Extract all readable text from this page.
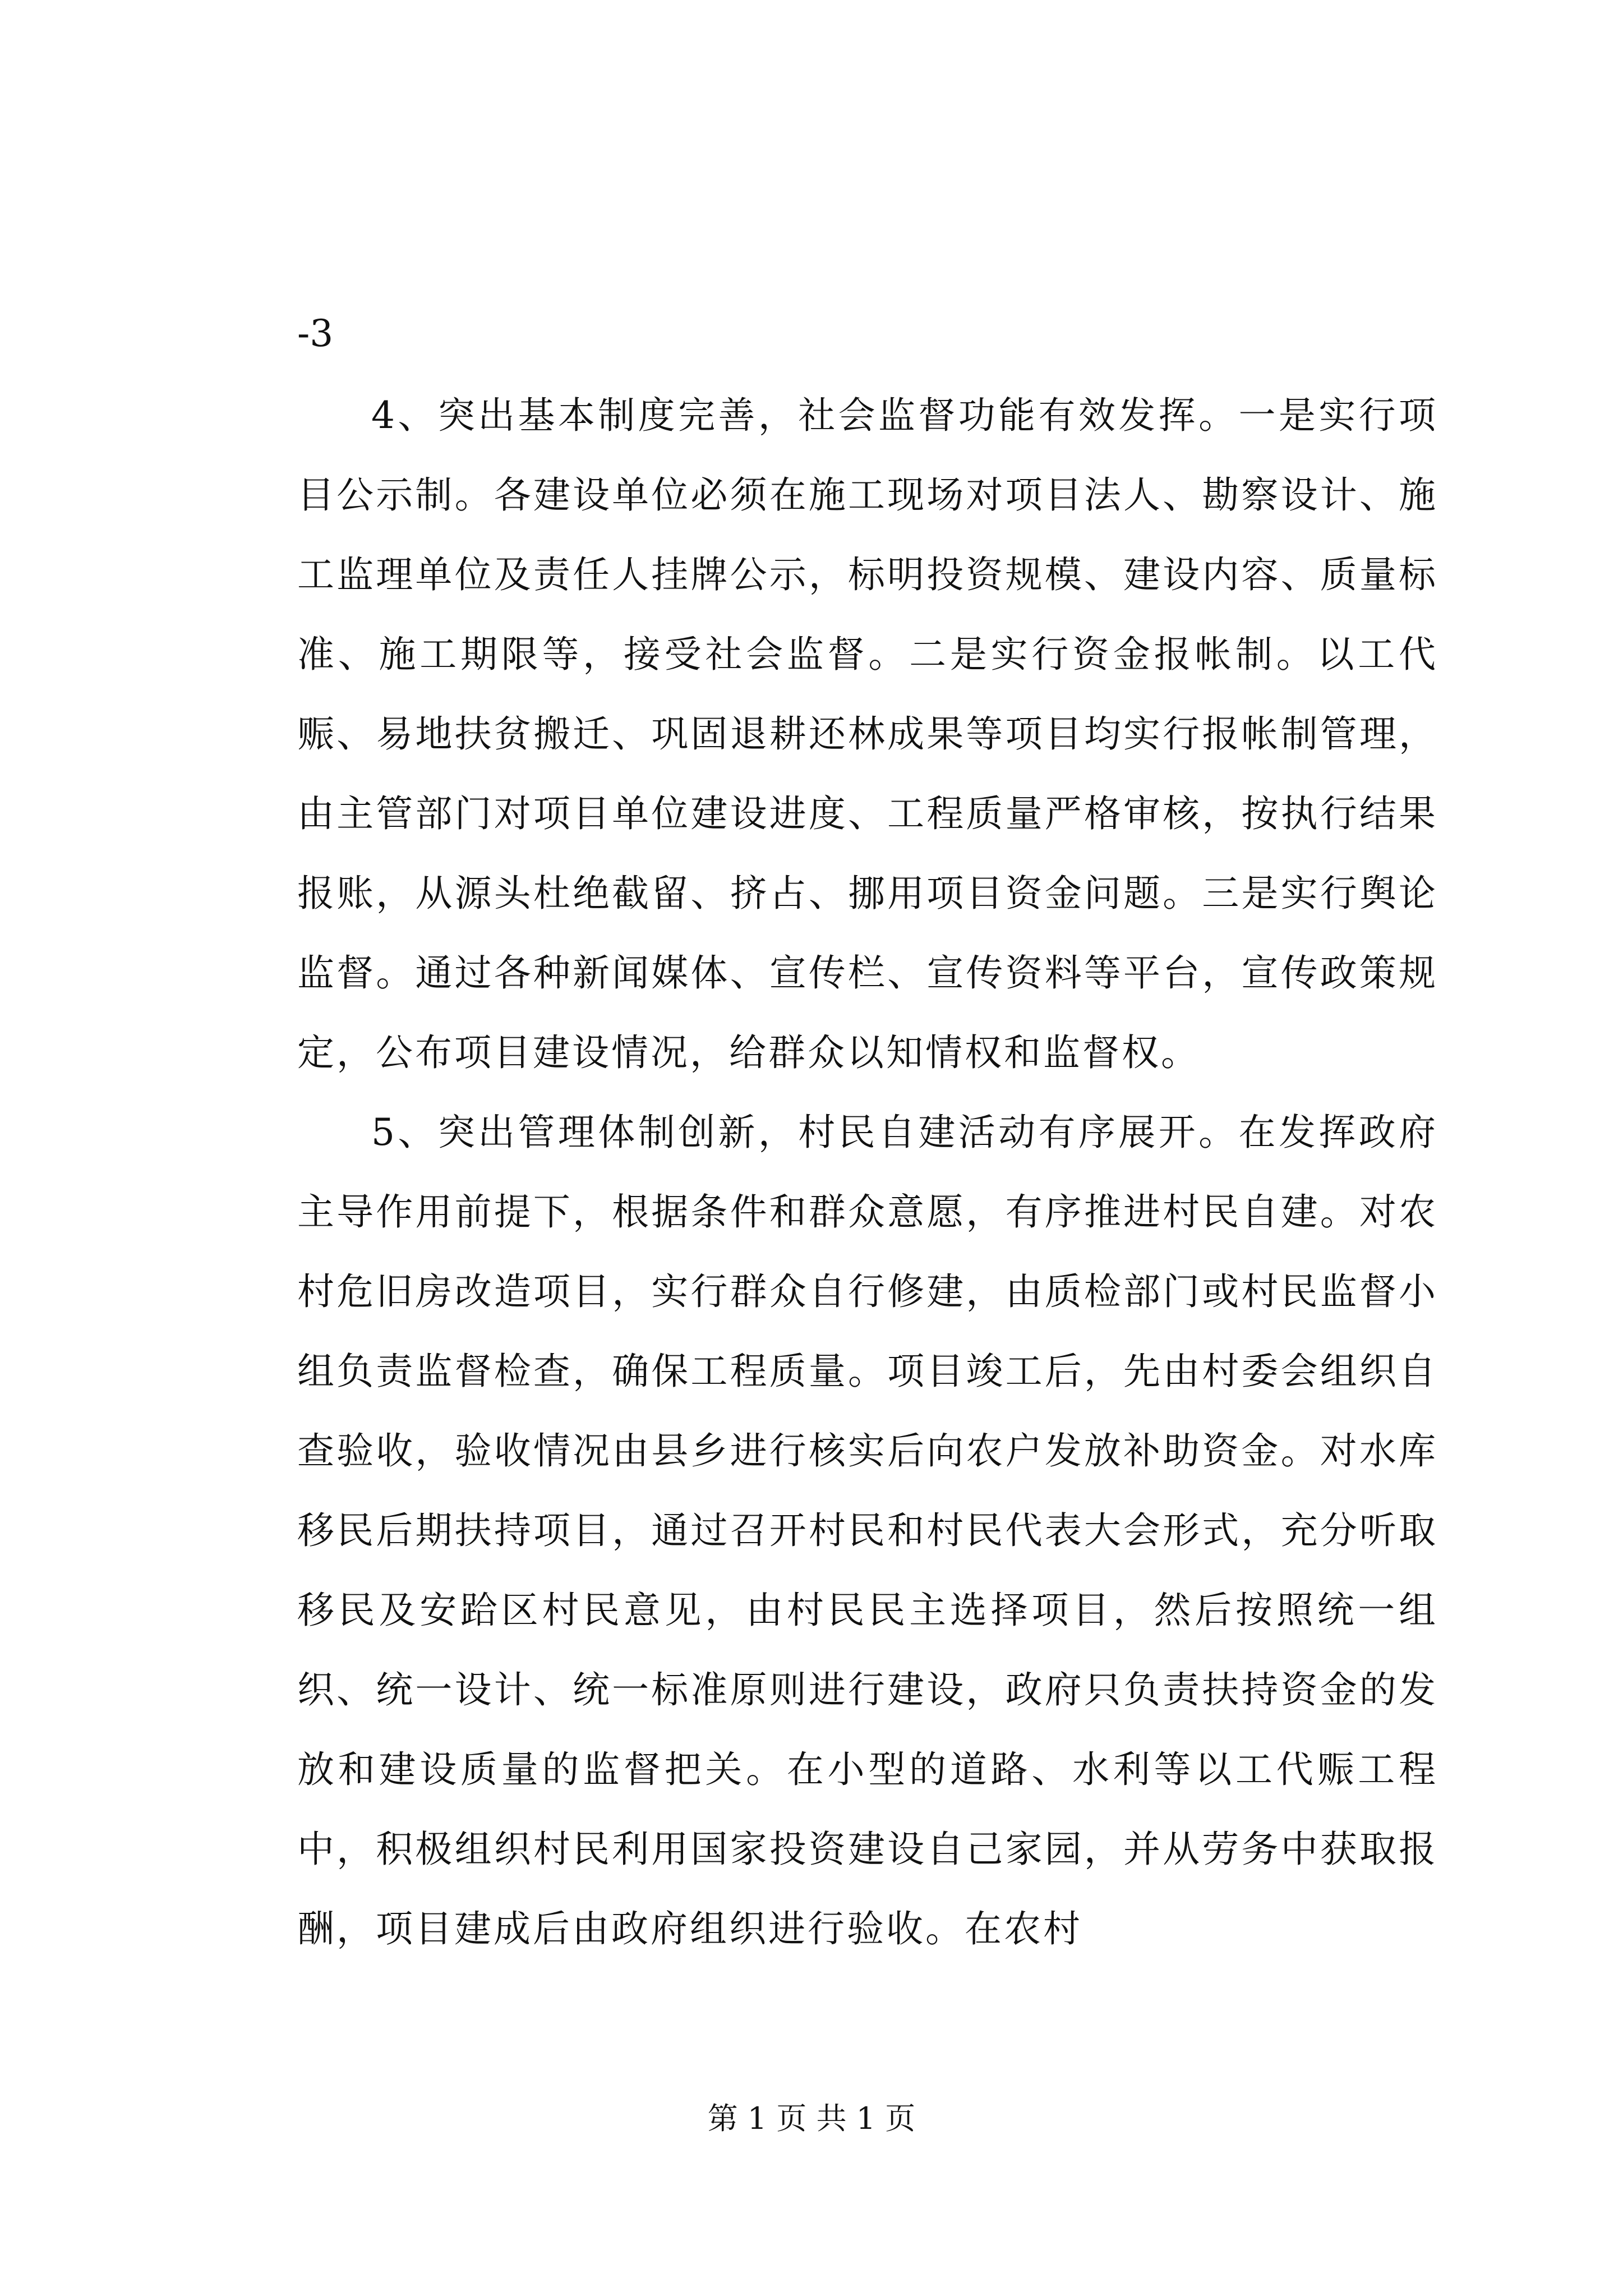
-3

4、突出基本制度完善，社会监督功能有效发挥。一是实行项目公示制。各建设单位必须在施工现场对项目法人、勘察设计、施工监理单位及责任人挂牌公示，标明投资规模、建设内容、质量标准、施工期限等，接受社会监督。二是实行资金报帐制。以工代赈、易地扶贫搬迁、巩固退耕还林成果等项目均实行报帐制管理，由主管部门对项目单位建设进度、工程质量严格审核，按执行结果报账，从源头杜绝截留、挤占、挪用项目资金问题。三是实行舆论监督。通过各种新闻媒体、宣传栏、宣传资料等平台，宣传政策规定，公布项目建设情况，给群众以知情权和监督权。

5、突出管理体制创新，村民自建活动有序展开。在发挥政府主导作用前提下，根据条件和群众意愿，有序推进村民自建。对农村危旧房改造项目，实行群众自行修建，由质检部门或村民监督小组负责监督检查，确保工程质量。项目竣工后，先由村委会组织自查验收，验收情况由县乡进行核实后向农户发放补助资金。对水库移民后期扶持项目，通过召开村民和村民代表大会形式，充分听取移民及安跲区村民意见，由村民民主选择项目，然后按照统一组织、统一设计、统一标准原则进行建设，政府只负责扶持资金的发放和建设质量的监督把关。在小型的道路、水利等以工代赈工程中，积极组织村民利用国家投资建设自己家园，并从劳务中获取报酬，项目建成后由政府组织进行验收。在农村

第 1 页 共 1 页
